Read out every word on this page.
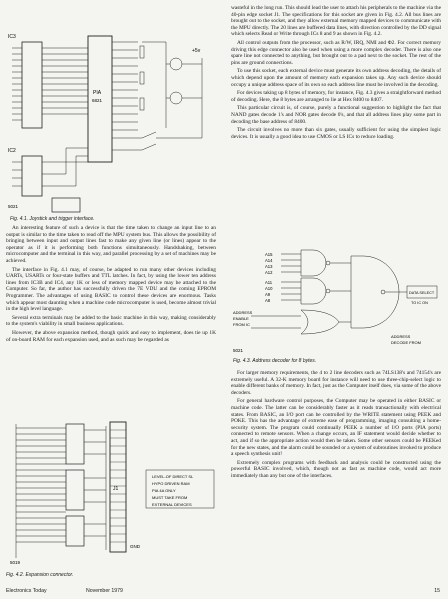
IC3
PIA
6821
+5v
IC2
5021
Fig. 4.1. Joystick and trigger interface.

An interesting feature of such a device is that the time taken to change an input line to an output is similar to the time taken to read off the MPU system bus. This allows the possibility of bringing between input and output lines fast to make any given line (or lines) appear to the operator as if it is performing both functions simultaneously. Handshaking, between microcomputer and the terminal in this way, and parallel processing by a set of machines may be achieved.

The interface in Fig. 4.1 may, of course, be adapted to run many other devices including UARTs, USARTs or four-state buffers and TTL latches. In fact, by using the lower ten address lines from IC3B and IC4, any 1K or less of memory mapped device may be attached to the Computer. So far, the author has successfully driven the 7E VDU and the coming EPROM Programmer. The advantages of using BASIC to control these devices are enormous. Tasks which appear most daunting when a machine code microcomputer is used, become almost trivial in the high level language.

Several extra terminals may be added to the basic machine in this way, making considerably to the system's viability in small business applications.

However, the above expansion method, though quick and easy to implement, does tie up 1K of on-board RAM for each expansion used, and as such may be regarded as

J1
LEVEL-OF DIRECT SL
HYPO DRIVEN RAM
PIA 4A ONLY
MUST TAKE FROM
EXTERNAL DEVICES
GND
5019
Fig. 4.2. Expansion connector.

wasteful in the long run. This should lead the user to attach his peripherals to the machine via the 40-pin edge socket J1. The specifications for this socket are given in Fig. 4.2. All bus lines are brought out to the socket, and they allow external memory mapped devices to communicate with the MPU directly. The 20 lines are buffered data lines, with direction controlled by the DD signal which selects Read or Write through ICs 8 and 9 as shown in Fig. 4.2.

All control outputs from the processor, such as R/W, IRQ, NMI and Φ2. For correct memory driving this edge connector also be used when using a more complex decoder. There is also one spare line not connected to anything, but brought out to a pad next to the socket. The rest of the pins are ground connections.

To use this socket, each external device must generate its own address decoding, the details of which depend upon the amount of memory each expansion takes up. Any such device should occupy a unique address space of its own so each address line must be involved in the decoding.

For devices taking up 8 bytes of memory, for instance, Fig. 4.3 gives a straightforward method of decoding. Here, the 8 bytes are arranged to lie at Hex 8400 to 8407.

This particular circuit is, of course, purely a functional suggestion to highlight the fact that NAND gates decode 1's and NOR gates decode 0's, and that all address lines play some part in decoding the base address of 8400.

The circuit involves no more than six gates, usually sufficient for using the simplest logic devices. It is usually a good idea to use CMOS or LS ICs to reduce loading.

A15
A14
A13
A12
A11
A10
A9
A8
ADDRESS
ENABLE
FROM IC
DATA SELECT
TO IC ON
ADDRESS
DECODE FROM
5021
Fig. 4.3. Address decoder for 8 bytes.

For larger memory requirements, the 4 to 2 line decoders such as 74LS138's and 74154's are extremely useful. A 32-K memory board for instance will need to use three-chip-select logic to enable different banks of memory. In fact, just as the Computer itself does, via some of the above decoders.

For general hardware control purposes, the Computer may be operated in either BASIC or machine code. The latter can be considerably faster as it reads transactionally with electrical states. From BASIC, an I/O port can be controlled by the WRITE statement using PEEK and POKE. This has the advantage of extreme ease of programming, imaging consulting a home-security system. The program could continually PEEK a number of I/O ports (PIA ports) connected to remote sensors. When a change occurs, an IF statement would decide whether to act, and if so the appropriate action would then be taken. Some other sensors could be PEEKed for the new states, and the alarm could be sounded or a system of subroutines invoked to produce a speech synthesis unit!

Extremely complex programs with feedback and analysis could be constructed using the powerful BASIC involved, which, though not as fast as machine code, would act more immediately than any but one of the interfaces.

Electronics Today	November 1979	15
